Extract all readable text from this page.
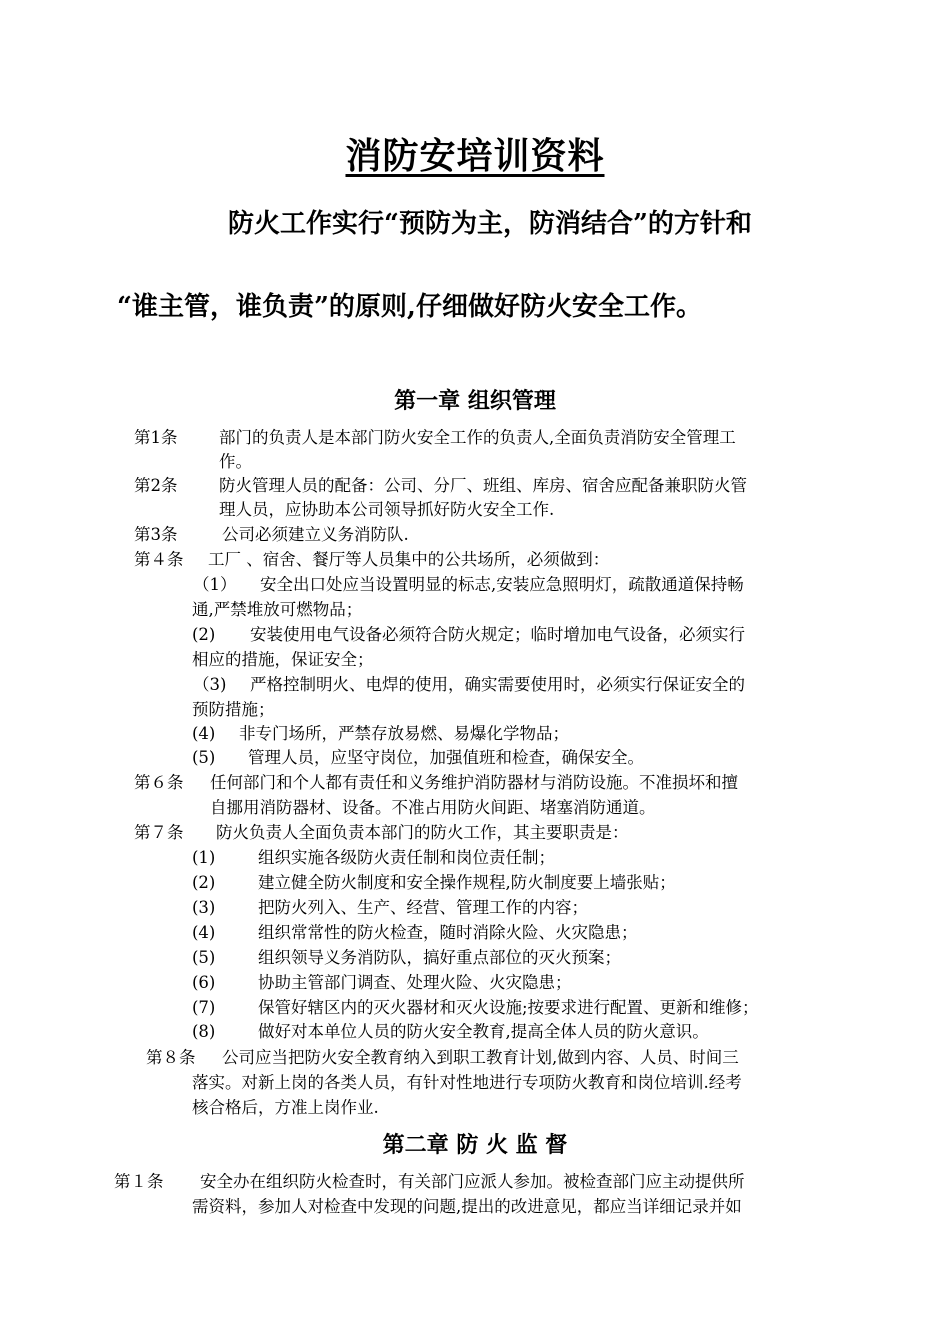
消防安培训资料
防火工作实行“预防为主，防消结合”的方针和
“谁主管，谁负责”的原则,仔细做好防火安全工作。
第一章 组织管理
第1条	部门的负责人是本部门防火安全工作的负责人,全面负责消防安全管理工
作。
第2条	防火管理人员的配备：公司、分厂、班组、库房、宿舍应配备兼职防火管
理人员，应协助本公司领导抓好防火安全工作.
第3条	公司必须建立义务消防队.
第４条 工厂 、宿舍、餐厅等人员集中的公共场所，必须做到：
（1） 安全出口处应当设置明显的标志,安装应急照明灯，疏散通道保持畅
通,严禁堆放可燃物品；
(2) 安装使用电气设备必须符合防火规定；临时增加电气设备，必须实行
相应的措施，保证安全；
（3) 严格控制明火、电焊的使用，确实需要使用时，必须实行保证安全的
预防措施；
(4) 非专门场所，严禁存放易燃、易爆化学物品；
(5) 管理人员，应坚守岗位，加强值班和检查，确保安全。
第６条 任何部门和个人都有责任和义务维护消防器材与消防设施。不准损坏和擅
自挪用消防器材、设备。不准占用防火间距、堵塞消防通道。
第７条 防火负责人全面负责本部门的防火工作，其主要职责是：
(1)	组织实施各级防火责任制和岗位责任制；
(2)	建立健全防火制度和安全操作规程,防火制度要上墙张贴；
(3)	把防火列入、生产、经营、管理工作的内容；
(4)	组织常常性的防火检查，随时消除火险、火灾隐患；
(5)	组织领导义务消防队，搞好重点部位的灭火预案；
(6)	协助主管部门调查、处理火险、火灾隐患；
(7)	保管好辖区内的灭火器材和灭火设施;按要求进行配置、更新和维修；
(8)	做好对本单位人员的防火安全教育,提高全体人员的防火意识。
第８条 公司应当把防火安全教育纳入到职工教育计划,做到内容、人员、时间三
落实。对新上岗的各类人员，有针对性地进行专项防火教育和岗位培训.经考
核合格后，方准上岗作业.
第二章 防 火 监 督
第１条 安全办在组织防火检查时，有关部门应派人参加。被检查部门应主动提供所
需资料，参加人对检查中发现的问题,提出的改进意见，都应当详细记录并如
